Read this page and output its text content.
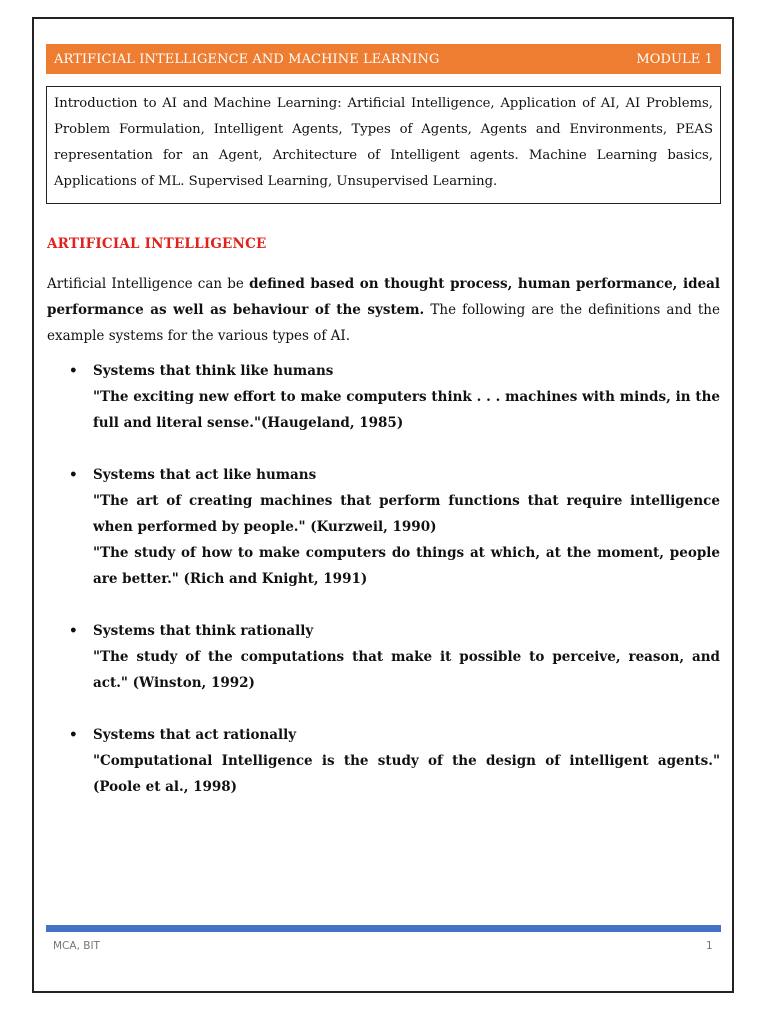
ARTIFICIAL INTELLIGENCE AND MACHINE LEARNING	MODULE 1
Introduction to AI and Machine Learning: Artificial Intelligence, Application of AI, AI Problems, Problem Formulation, Intelligent Agents, Types of Agents, Agents and Environments, PEAS representation for an Agent, Architecture of Intelligent agents. Machine Learning basics, Applications of ML. Supervised Learning, Unsupervised Learning.
ARTIFICIAL INTELLIGENCE
Artificial Intelligence can be defined based on thought process, human performance, ideal performance as well as behaviour of the system. The following are the definitions and the example systems for the various types of AI.
• Systems that think like humans
"The exciting new effort to make computers think . . . machines with minds, in the full and literal sense."(Haugeland, 1985)
• Systems that act like humans
"The art of creating machines that perform functions that require intelligence when performed by people." (Kurzweil, 1990)
"The study of how to make computers do things at which, at the moment, people are better." (Rich and Knight, 1991)
• Systems that think rationally
"The study of the computations that make it possible to perceive, reason, and act." (Winston, 1992)
• Systems that act rationally
"Computational Intelligence is the study of the design of intelligent agents." (Poole et al., 1998)
MCA, BIT	1
